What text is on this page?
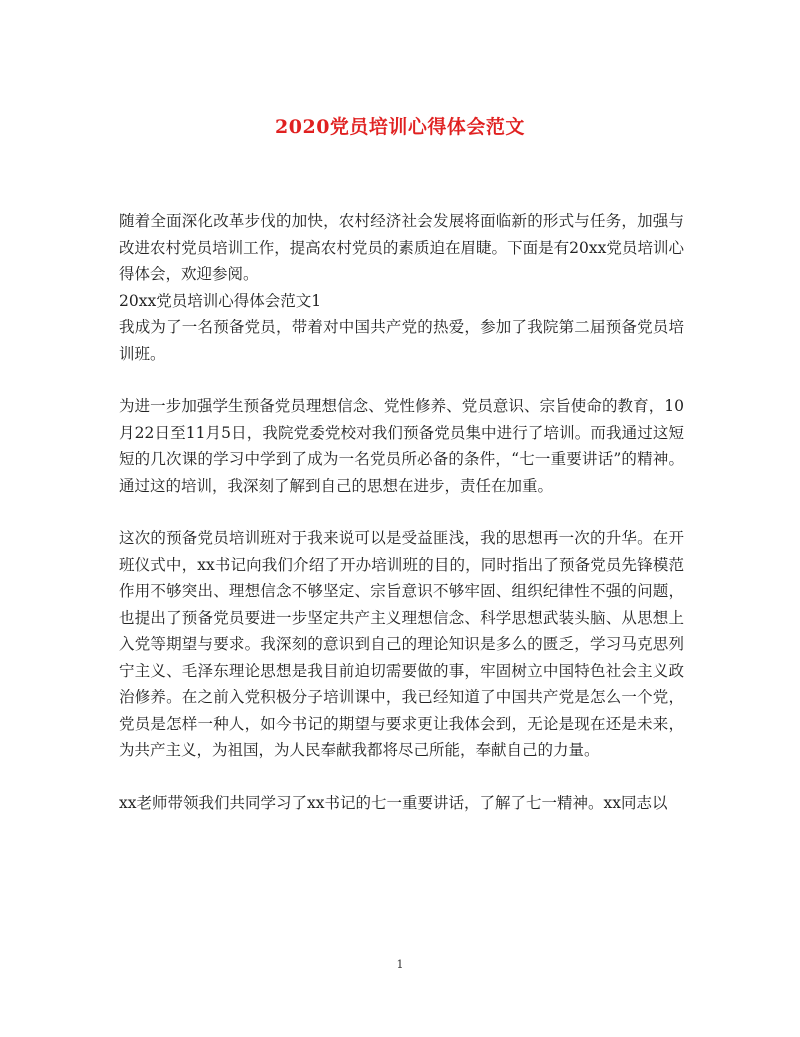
2020党员培训心得体会范文

随着全面深化改革步伐的加快，农村经济社会发展将面临新的形式与任务，加强与改进农村党员培训工作，提高农村党员的素质迫在眉睫。下面是有20xx党员培训心得体会，欢迎参阅。

20xx党员培训心得体会范文1

我成为了一名预备党员，带着对中国共产党的热爱，参加了我院第二届预备党员培训班。

为进一步加强学生预备党员理想信念、党性修养、党员意识、宗旨使命的教育，10月22日至11月5日，我院党委党校对我们预备党员集中进行了培训。而我通过这短短的几次课的学习中学到了成为一名党员所必备的条件，“七一重要讲话”的精神。通过这的培训，我深刻了解到自己的思想在进步，责任在加重。

这次的预备党员培训班对于我来说可以是受益匪浅，我的思想再一次的升华。在开班仪式中，xx书记向我们介绍了开办培训班的目的，同时指出了预备党员先锋模范作用不够突出、理想信念不够坚定、宗旨意识不够牢固、组织纪律性不强的问题，也提出了预备党员要进一步坚定共产主义理想信念、科学思想武装头脑、从思想上入党等期望与要求。我深刻的意识到自己的理论知识是多么的匮乏，学习马克思列宁主义、毛泽东理论思想是我目前迫切需要做的事，牢固树立中国特色社会主义政治修养。在之前入党积极分子培训课中，我已经知道了中国共产党是怎么一个党，党员是怎样一种人，如今书记的期望与要求更让我体会到，无论是现在还是未来，为共产主义，为祖国，为人民奉献我都将尽己所能，奉献自己的力量。

xx老师带领我们共同学习了xx书记的七一重要讲话，了解了七一精神。xx同志以

1
